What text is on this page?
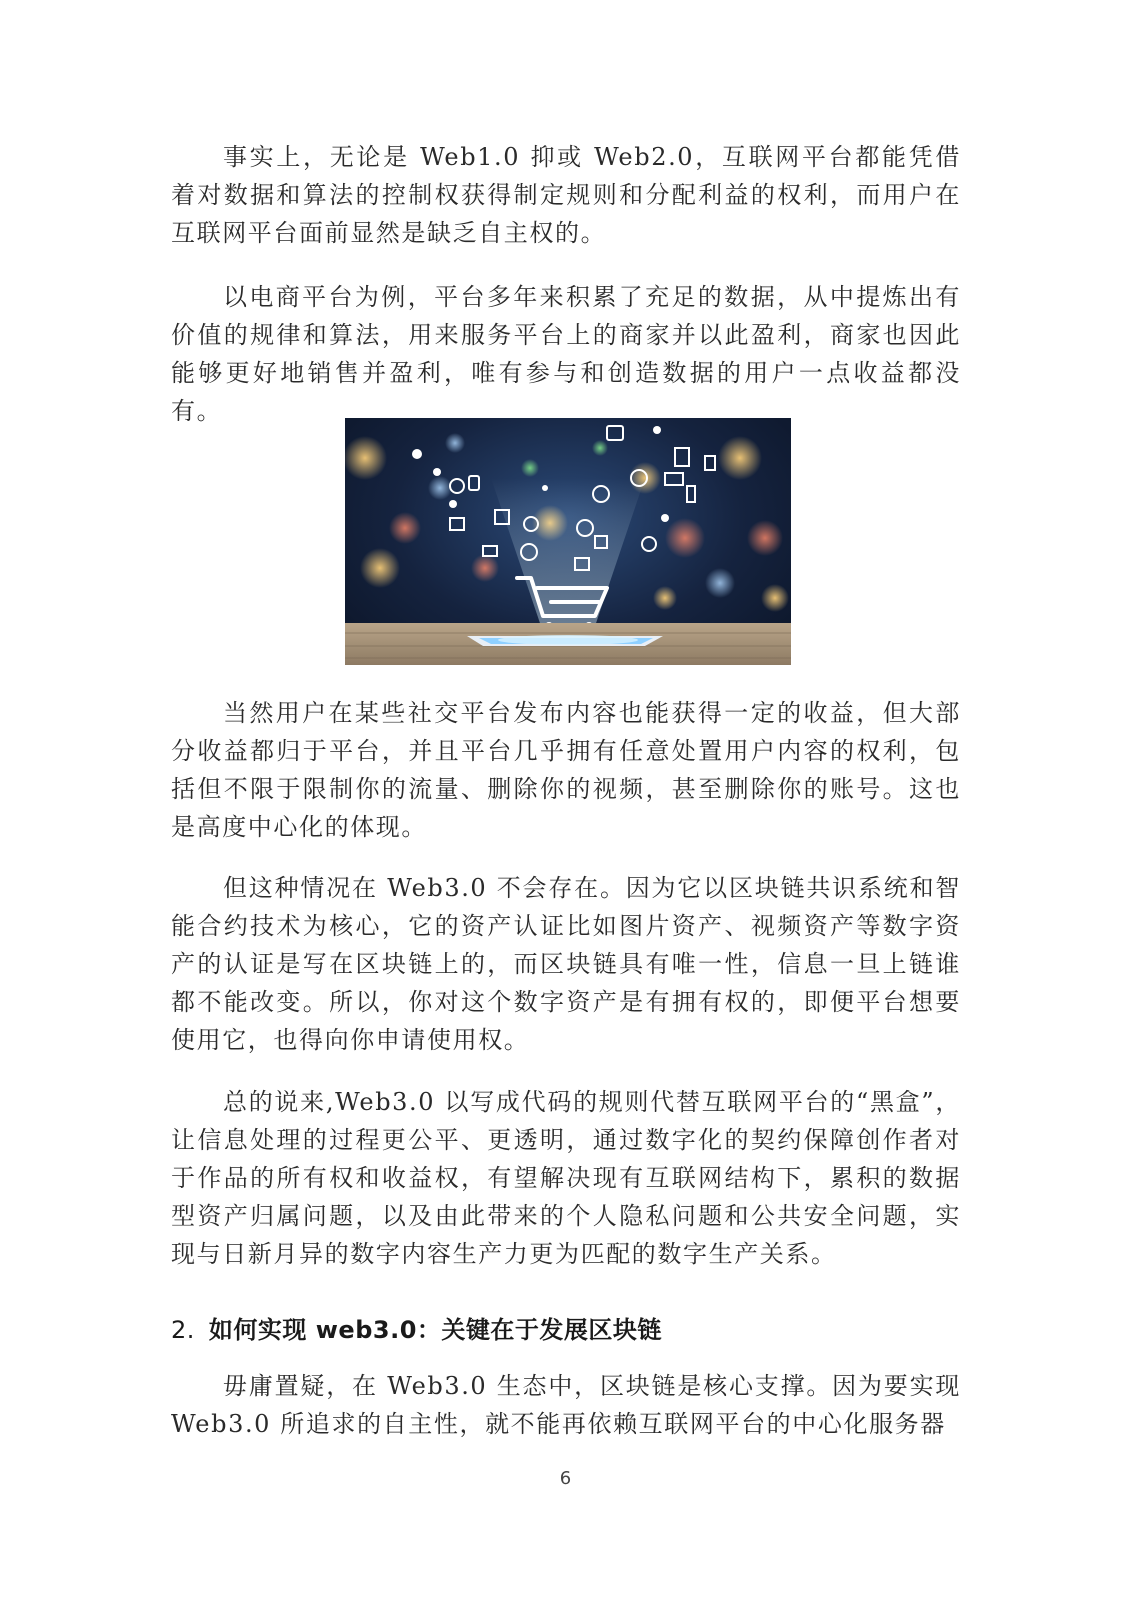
事实上，无论是 Web1.0 抑或 Web2.0，互联网平台都能凭借着对数据和算法的控制权获得制定规则和分配利益的权利，而用户在互联网平台面前显然是缺乏自主权的。

以电商平台为例，平台多年来积累了充足的数据，从中提炼出有价值的规律和算法，用来服务平台上的商家并以此盈利，商家也因此能够更好地销售并盈利，唯有参与和创造数据的用户一点收益都没有。

当然用户在某些社交平台发布内容也能获得一定的收益，但大部分收益都归于平台，并且平台几乎拥有任意处置用户内容的权利，包括但不限于限制你的流量、删除你的视频，甚至删除你的账号。这也是高度中心化的体现。

但这种情况在 Web3.0 不会存在。因为它以区块链共识系统和智能合约技术为核心，它的资产认证比如图片资产、视频资产等数字资产的认证是写在区块链上的，而区块链具有唯一性，信息一旦上链谁都不能改变。所以，你对这个数字资产是有拥有权的，即便平台想要使用它，也得向你申请使用权。

总的说来,Web3.0 以写成代码的规则代替互联网平台的“黑盒”，让信息处理的过程更公平、更透明，通过数字化的契约保障创作者对于作品的所有权和收益权，有望解决现有互联网结构下，累积的数据型资产归属问题，以及由此带来的个人隐私问题和公共安全问题，实现与日新月异的数字内容生产力更为匹配的数字生产关系。

2. 如何实现 web3.0：关键在于发展区块链

毋庸置疑，在 Web3.0 生态中，区块链是核心支撑。因为要实现 Web3.0 所追求的自主性，就不能再依赖互联网平台的中心化服务器

6
